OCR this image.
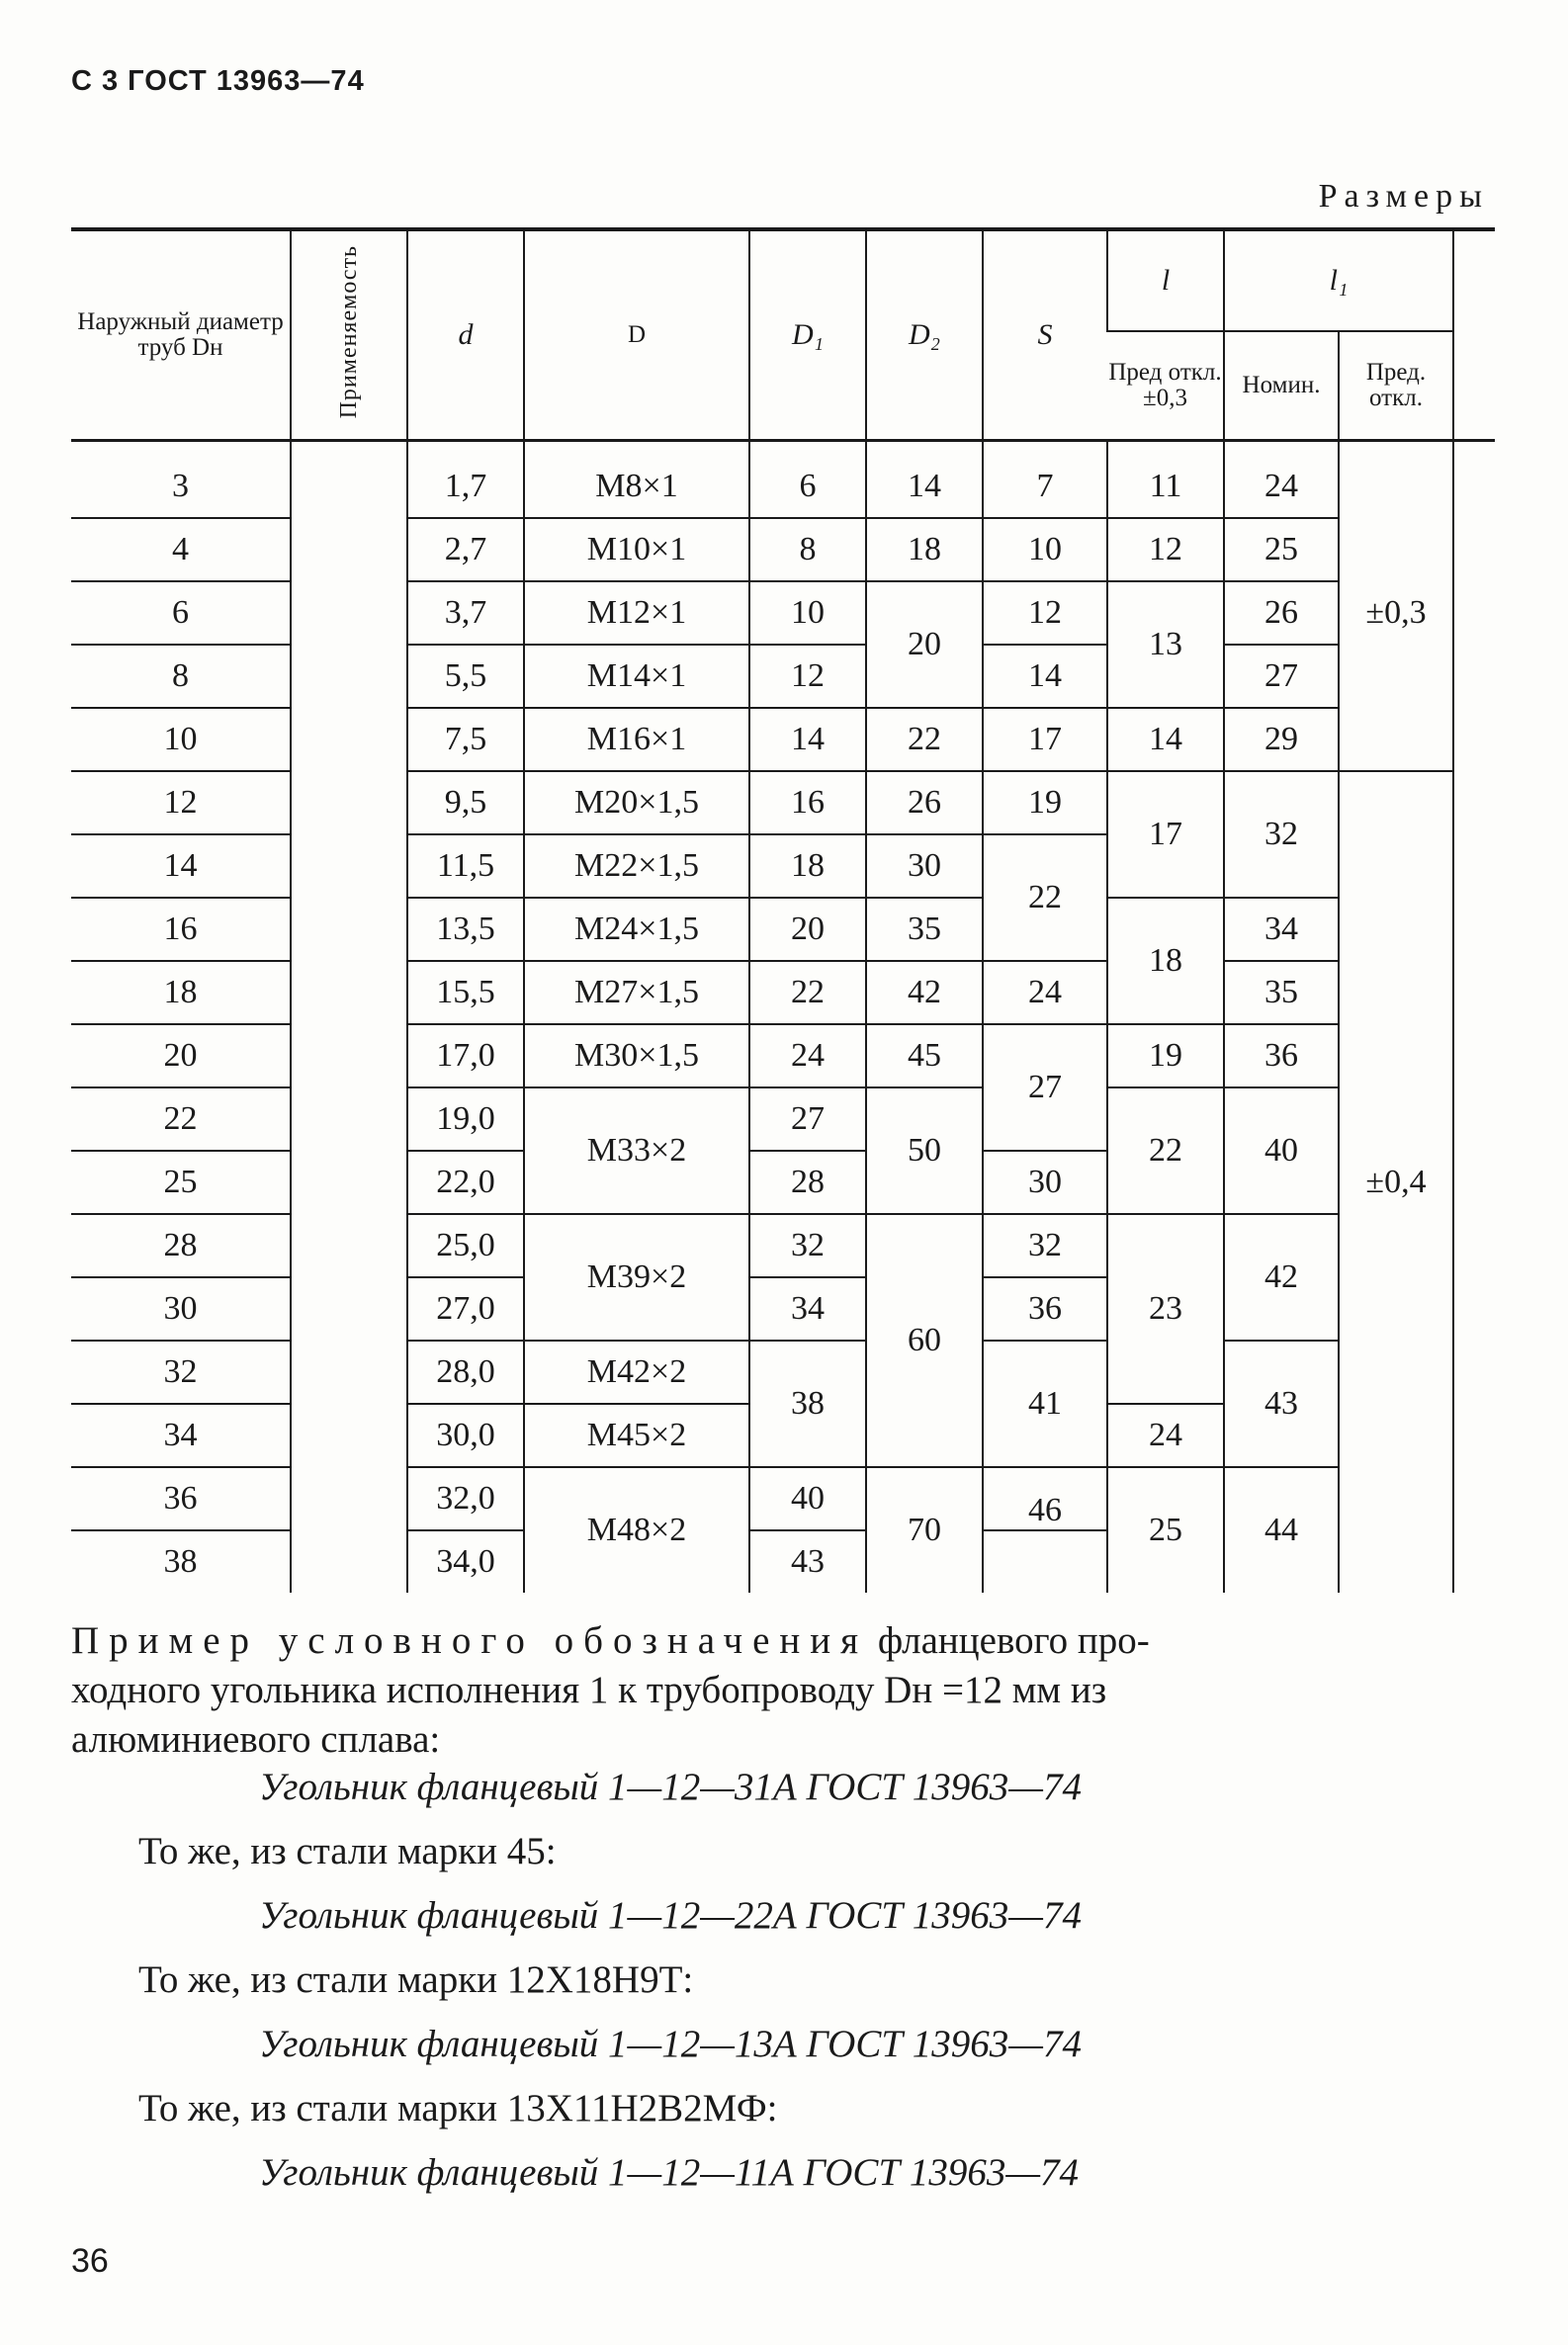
С 3 ГОСТ 13963—74
Размеры
Наружный диаметр труб Dн	Применяемость	d	D	D₁	D₂	S	l	l₁		
							Пред откл. ±0,3	Номин.	Пред. откл.	

3		1,7	M8×1	6	14	7	11	24	±0,3	
4		2,7	M10×1	8	18	10	12	25		
6		3,7	M12×1	10	20	12	13	26		
8		5,5	M14×1	12		14		27		
10		7,5	M16×1	14	22	17	14	29		
12		9,5	M20×1,5	16	26	19	17	32	±0,4	
14		11,5	M22×1,5	18	30	22				
16		13,5	M24×1,5	20	35		18	34		
18		15,5	M27×1,5	22	42	24		35		
20		17,0	M30×1,5	24	45	27	19	36		
22		19,0	M33×2	27	50		22	40		
25		22,0		28		30				
28		25,0	M39×2	32	60	32	23	42		
30		27,0		34		36				
32		28,0	M42×2	38		41		43		
34		30,0	M45×2				24			
36		32,0	M48×2	40	70	46	25	44		
38		34,0		43						
Пример условного обозначения фланцевого про-
ходного угольника исполнения 1 к трубопроводу Dн =12 мм из
алюминиевого сплава:
Угольник фланцевый 1—12—31А ГОСТ 13963—74
То же, из стали марки 45:
Угольник фланцевый 1—12—22А ГОСТ 13963—74
То же, из стали марки 12Х18Н9Т:
Угольник фланцевый 1—12—13А ГОСТ 13963—74
То же, из стали марки 13Х11Н2В2МФ:
Угольник фланцевый 1—12—11А ГОСТ 13963—74
36
